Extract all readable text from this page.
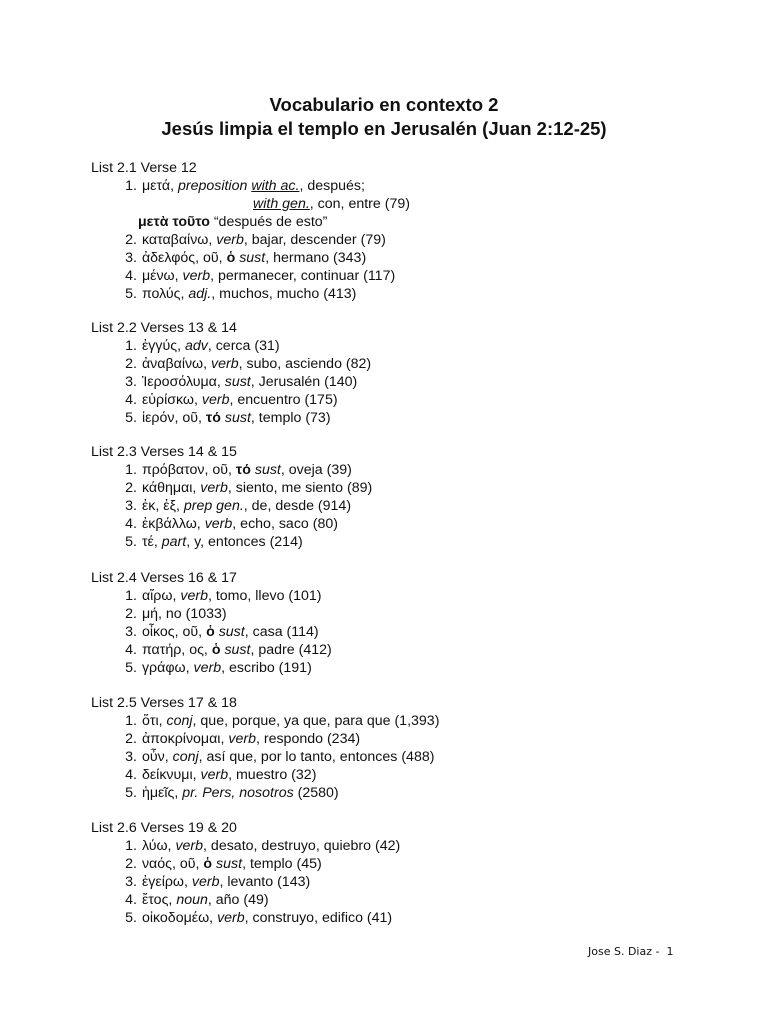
Vocabulario en contexto 2
Jesús limpia el templo en Jerusalén (Juan 2:12-25)
List 2.1 Verse 12
1. μετά, preposition with ac., después;
with gen., con, entre (79)
μετὰ τοῦτο “después de esto”
2. καταβαίνω, verb, bajar, descender (79)
3. ἀδελφός, οῦ, ὁ sust, hermano (343)
4. μένω, verb, permanecer, continuar (117)
5. πολύς, adj., muchos, mucho (413)
List 2.2 Verses 13 & 14
1. ἐγγύς, adv, cerca (31)
2. ἀναβαίνω, verb, subo, asciendo (82)
3. Ἱεροσόλυμα, sust, Jerusalén (140)
4. εὑρίσκω, verb, encuentro (175)
5. ἱερόν, οῦ, τό sust, templo (73)
List 2.3 Verses 14 & 15
1. πρόβατον, οῦ, τό sust, oveja (39)
2. κάθημαι, verb, siento, me siento (89)
3. ἐκ, ἐξ, prep gen., de, desde (914)
4. ἐκβάλλω, verb, echo, saco (80)
5. τέ, part, y, entonces (214)
List 2.4 Verses 16 & 17
1. αἴρω, verb, tomo, llevo (101)
2. μή, no (1033)
3. οἶκος, οῦ, ὁ sust, casa (114)
4. πατήρ, ος, ὁ sust, padre (412)
5. γράφω, verb, escribo (191)
List 2.5 Verses 17 & 18
1. ὅτι, conj, que, porque, ya que, para que (1,393)
2. ἀποκρίνομαι, verb, respondo (234)
3. οὖν, conj, así que, por lo tanto, entonces (488)
4. δείκνυμι, verb, muestro (32)
5. ἡμεῖς, pr. Pers, nosotros (2580)
List 2.6 Verses 19 & 20
1. λύω, verb, desato, destruyo, quiebro (42)
2. ναός, οῦ, ὁ sust, templo (45)
3. ἐγείρω, verb, levanto (143)
4. ἔτος, noun, año (49)
5. οἰκοδομέω, verb, construyo, edifico (41)
Jose S. Diaz -  1
